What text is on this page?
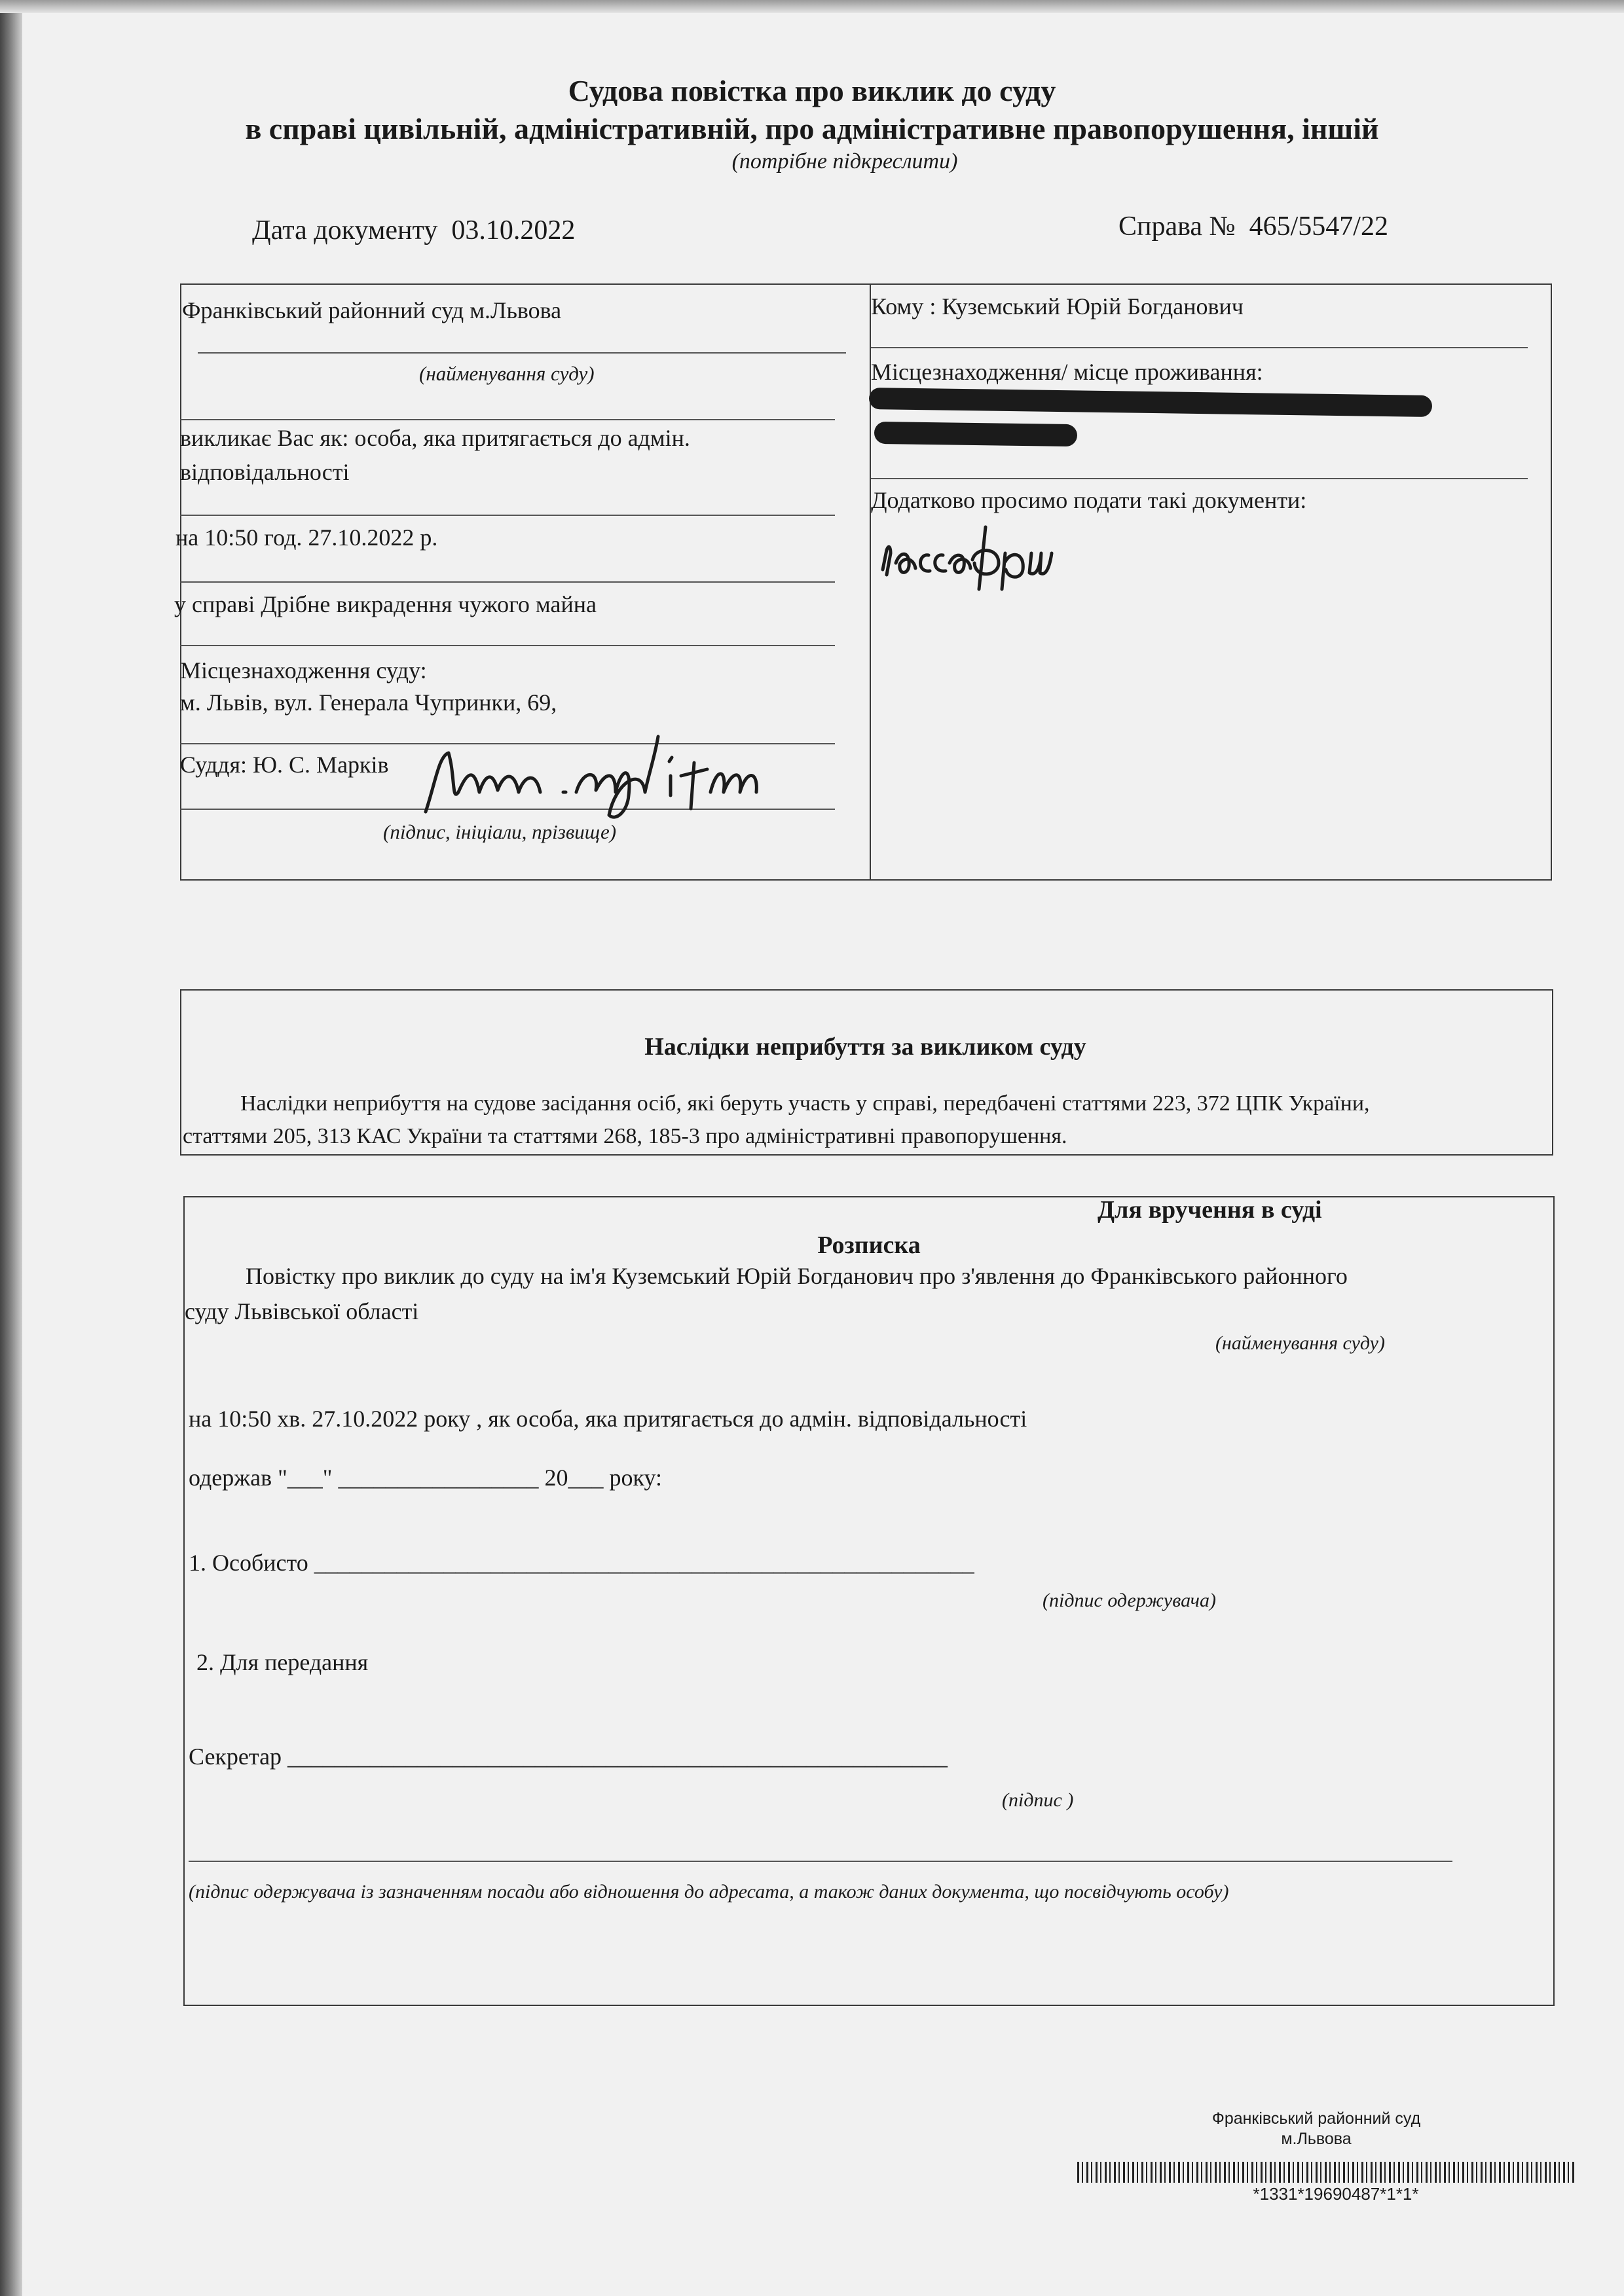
Судова повістка про виклик до суду
в справі цивільній, адміністративній, про адміністративне правопорушення, іншій
(потрібне підкреслити)
Дата документу 03.10.2022	Справа № 465/5547/22
Франківський районний суд м.Львова
(найменування суду)
викликає Вас як: особа, яка притягається до адмін.
відповідальності
на 10:50 год. 27.10.2022 р.
у справі Дрібне викрадення чужого майна
Місцезнаходження суду:
м. Львів, вул. Генерала Чупринки, 69,
Суддя: Ю. С. Марків
(підпис, ініціали, прізвище)
Кому : Куземський Юрій Богданович
Місцезнаходження/ місце проживання:
Додатково просимо подати такі документи:
Наслідки неприбуття за викликом суду
Наслідки неприбуття на судове засідання осіб, які беруть участь у справі, передбачені статтями 223, 372 ЦПК України,
статтями 205, 313 КАС України та статтями 268, 185-3 про адміністративні правопорушення.
Для вручення в суді
Розписка
Повістку про виклик до суду на ім'я Куземський Юрій Богданович про з'явлення до Франківського районного
суду Львівської області
(найменування суду)
на 10:50 хв. 27.10.2022 року , як особа, яка притягається до адмін. відповідальності
одержав "___" _________________ 20___ року:
1. Особисто ________________________________________________________
(підпис одержувача)
2. Для передання
Секретар ________________________________________________________
(підпис )
(підпис одержувача із зазначенням посади або відношення до адресата, а також даних документа, що посвідчують особу)
Франківський районний суд
м.Львова
*1331*19690487*1*1*
